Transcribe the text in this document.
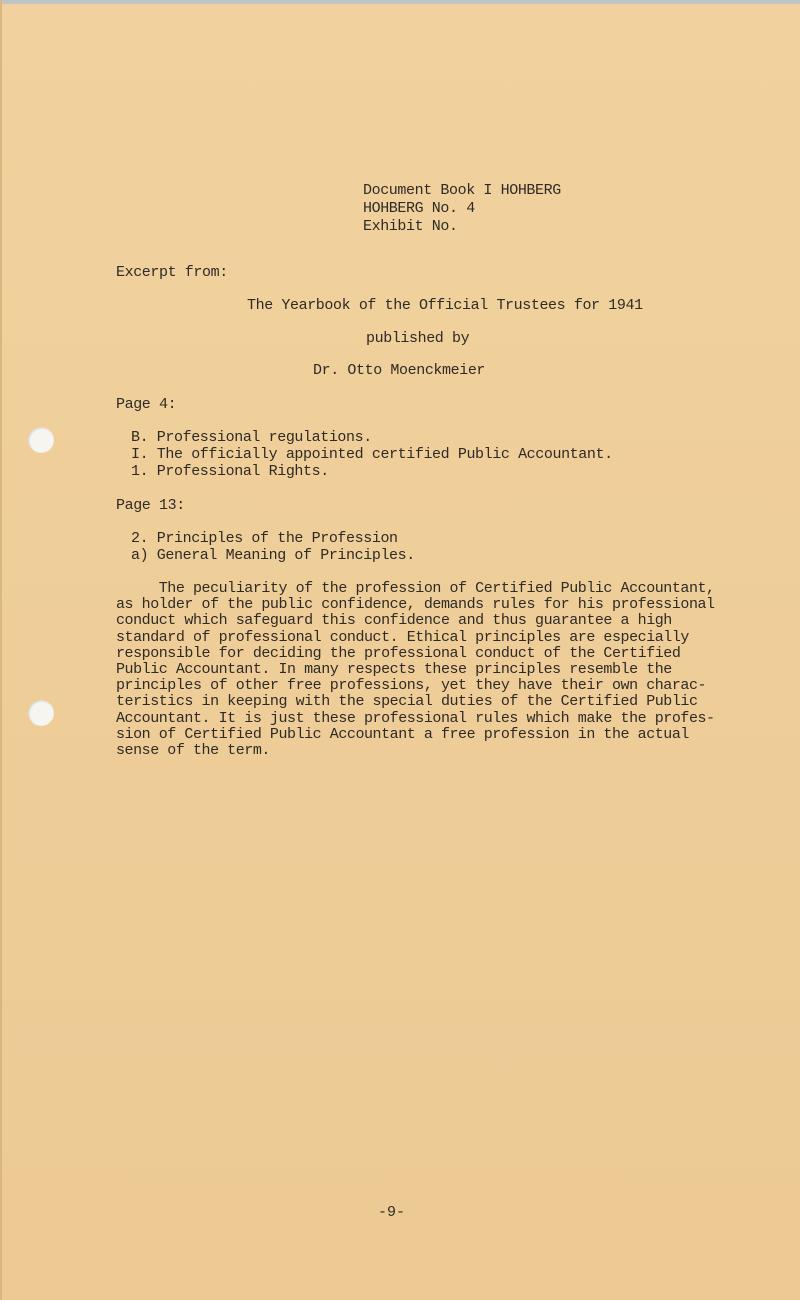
Document Book I HOHBERG

HOHBERG No. 4

Exhibit No.

Excerpt from:

The Yearbook of the Official Trustees for 1941

published by

Dr. Otto Moenckmeier

Page 4:

B. Professional regulations.

I. The officially appointed certified Public Accountant.

1. Professional Rights.

Page 13:

2. Principles of the Profession

a) General Meaning of Principles.

The peculiarity of the profession of Certified Public Accountant,
as holder of the public confidence, demands rules for his professional
conduct which safeguard this confidence and thus guarantee a high
standard of professional conduct. Ethical principles are especially
responsible for deciding the professional conduct of the Certified
Public Accountant. In many respects these principles resemble the
principles of other free professions, yet they have their own charac-
teristics in keeping with the special duties of the Certified Public
Accountant. It is just these professional rules which make the profes-
sion of Certified Public Accountant a free profession in the actual
sense of the term.

-9-
